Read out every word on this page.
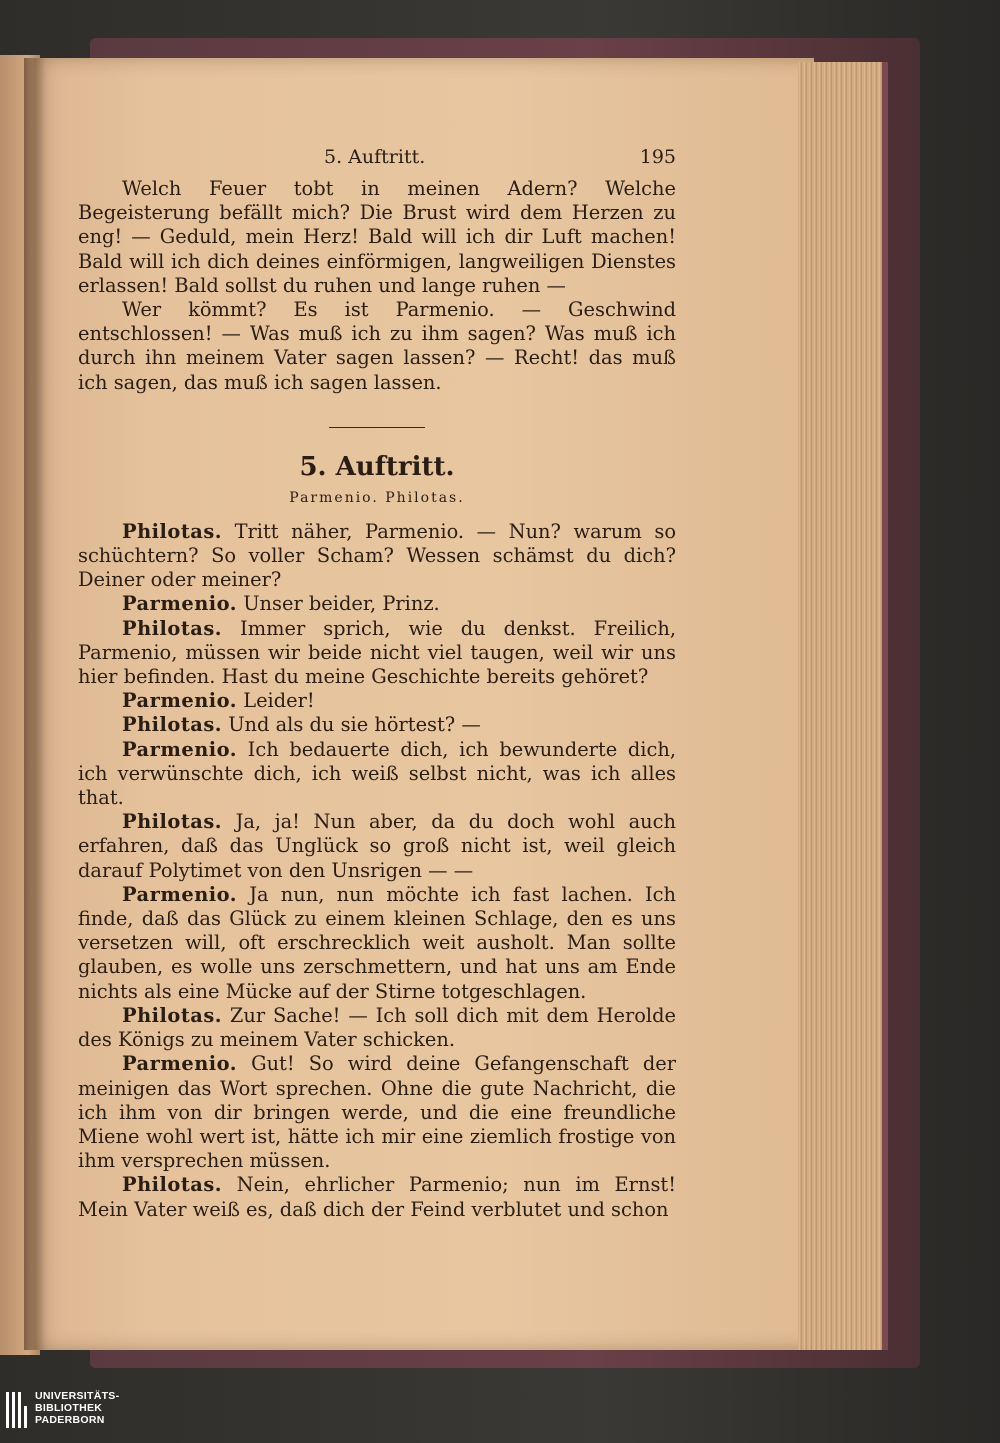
5. Auftritt.	195

Welch Feuer tobt in meinen Adern? Welche Begeisterung befällt mich? Die Brust wird dem Herzen zu eng! — Geduld, mein Herz! Bald will ich dir Luft machen! Bald will ich dich deines einförmigen, langweiligen Dienstes erlassen! Bald sollst du ruhen und lange ruhen —

Wer kömmt? Es ist Parmenio. — Geschwind entschlossen! — Was muß ich zu ihm sagen? Was muß ich durch ihn meinem Vater sagen lassen? — Recht! das muß ich sagen, das muß ich sagen lassen.

5. Auftritt.
Parmenio. Philotas.

Philotas. Tritt näher, Parmenio. — Nun? warum so schüchtern? So voller Scham? Wessen schämst du dich? Deiner oder meiner?

Parmenio. Unser beider, Prinz.

Philotas. Immer sprich, wie du denkst. Freilich, Parmenio, müssen wir beide nicht viel taugen, weil wir uns hier befinden. Hast du meine Geschichte bereits gehöret?

Parmenio. Leider!

Philotas. Und als du sie hörtest? —

Parmenio. Ich bedauerte dich, ich bewunderte dich, ich verwünschte dich, ich weiß selbst nicht, was ich alles that.

Philotas. Ja, ja! Nun aber, da du doch wohl auch erfahren, daß das Unglück so groß nicht ist, weil gleich darauf Polytimet von den Unsrigen — —

Parmenio. Ja nun, nun möchte ich fast lachen. Ich finde, daß das Glück zu einem kleinen Schlage, den es uns versetzen will, oft erschrecklich weit ausholt. Man sollte glauben, es wolle uns zerschmettern, und hat uns am Ende nichts als eine Mücke auf der Stirne totgeschlagen.

Philotas. Zur Sache! — Ich soll dich mit dem Herolde des Königs zu meinem Vater schicken.

Parmenio. Gut! So wird deine Gefangenschaft der meinigen das Wort sprechen. Ohne die gute Nachricht, die ich ihm von dir bringen werde, und die eine freundliche Miene wohl wert ist, hätte ich mir eine ziemlich frostige von ihm versprechen müssen.

Philotas. Nein, ehrlicher Parmenio; nun im Ernst! Mein Vater weiß es, daß dich der Feind verblutet und schon

UNIVERSITÄTS-
BIBLIOTHEK
PADERBORN
